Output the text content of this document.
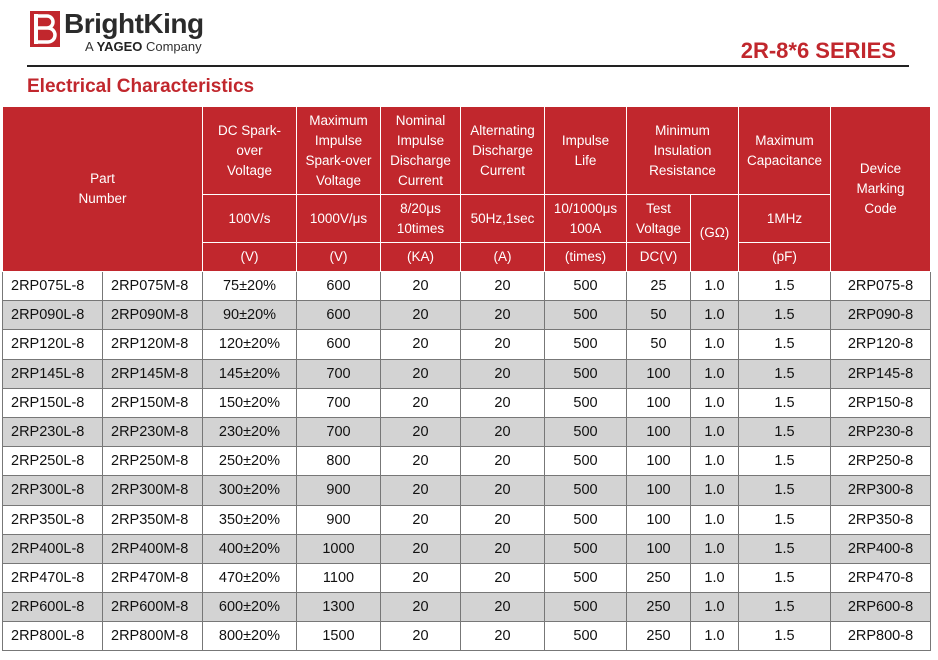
BrightKing
A YAGEO Company	2R-8*6 SERIES
Electrical Characteristics
Part Number		DC Spark-over Voltage	Maximum Impulse Spark-over Voltage	Nominal Impulse Discharge Current	Alternating Discharge Current	Impulse Life	Minimum Insulation Resistance		Maximum Capacitance	Device Marking Code

		100V/s	1000V/μs	8/20μs 10times	50Hz,1sec	10/1000μs 100A	Test Voltage	(GΩ)	1MHz	
		(V)	(V)	(KA)	(A)	(times)	DC(V)		(pF)	
2RP075L-8	2RP075M-8	75±20%	600	20	20	500	25	1.0	1.5	2RP075-8
2RP090L-8	2RP090M-8	90±20%	600	20	20	500	50	1.0	1.5	2RP090-8
2RP120L-8	2RP120M-8	120±20%	600	20	20	500	50	1.0	1.5	2RP120-8
2RP145L-8	2RP145M-8	145±20%	700	20	20	500	100	1.0	1.5	2RP145-8
2RP150L-8	2RP150M-8	150±20%	700	20	20	500	100	1.0	1.5	2RP150-8
2RP230L-8	2RP230M-8	230±20%	700	20	20	500	100	1.0	1.5	2RP230-8
2RP250L-8	2RP250M-8	250±20%	800	20	20	500	100	1.0	1.5	2RP250-8
2RP300L-8	2RP300M-8	300±20%	900	20	20	500	100	1.0	1.5	2RP300-8
2RP350L-8	2RP350M-8	350±20%	900	20	20	500	100	1.0	1.5	2RP350-8
2RP400L-8	2RP400M-8	400±20%	1000	20	20	500	100	1.0	1.5	2RP400-8
2RP470L-8	2RP470M-8	470±20%	1100	20	20	500	250	1.0	1.5	2RP470-8
2RP600L-8	2RP600M-8	600±20%	1300	20	20	500	250	1.0	1.5	2RP600-8
2RP800L-8	2RP800M-8	800±20%	1500	20	20	500	250	1.0	1.5	2RP800-8
